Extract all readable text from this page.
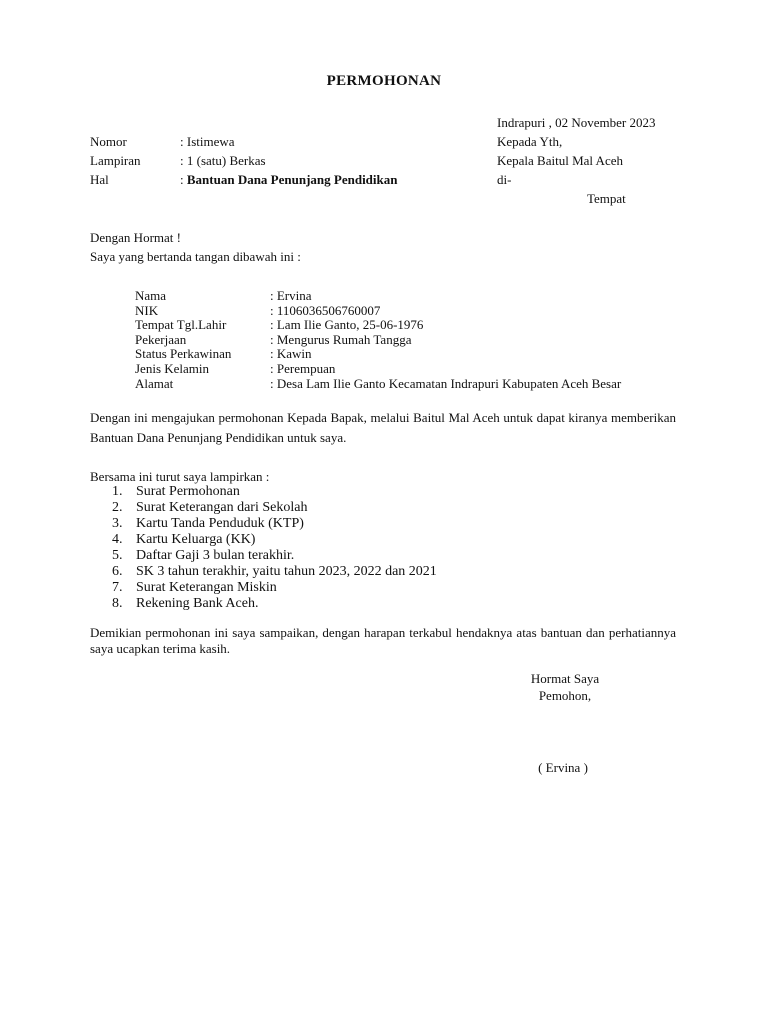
PERMOHONAN
Indrapuri , 02 November 2023
Nomor	: Istimewa
Lampiran	: 1 (satu) Berkas
Hal	: Bantuan Dana Penunjang Pendidikan
Kepada Yth,
Kepala Baitul Mal Aceh
di-
Tempat
Dengan Hormat !
Saya yang bertanda tangan dibawah ini :
Nama	: Ervina
NIK	: 1106036506760007
Tempat Tgl.Lahir	: Lam Ilie Ganto, 25-06-1976
Pekerjaan	: Mengurus Rumah Tangga
Status Perkawinan	: Kawin
Jenis Kelamin	: Perempuan
Alamat	: Desa Lam Ilie Ganto Kecamatan Indrapuri Kabupaten Aceh Besar
Dengan ini mengajukan permohonan Kepada Bapak, melalui Baitul Mal Aceh untuk dapat kiranya memberikan Bantuan Dana Penunjang Pendidikan untuk saya.
Bersama ini turut saya lampirkan :
1. Surat Permohonan
2. Surat Keterangan dari Sekolah
3. Kartu Tanda Penduduk (KTP)
4. Kartu Keluarga (KK)
5. Daftar Gaji 3 bulan terakhir.
6. SK 3 tahun terakhir, yaitu tahun 2023, 2022 dan 2021
7. Surat Keterangan Miskin
8. Rekening Bank Aceh.
Demikian permohonan ini saya sampaikan, dengan harapan terkabul hendaknya atas bantuan dan perhatiannya saya ucapkan terima kasih.
Hormat Saya
Pemohon,
( Ervina )
